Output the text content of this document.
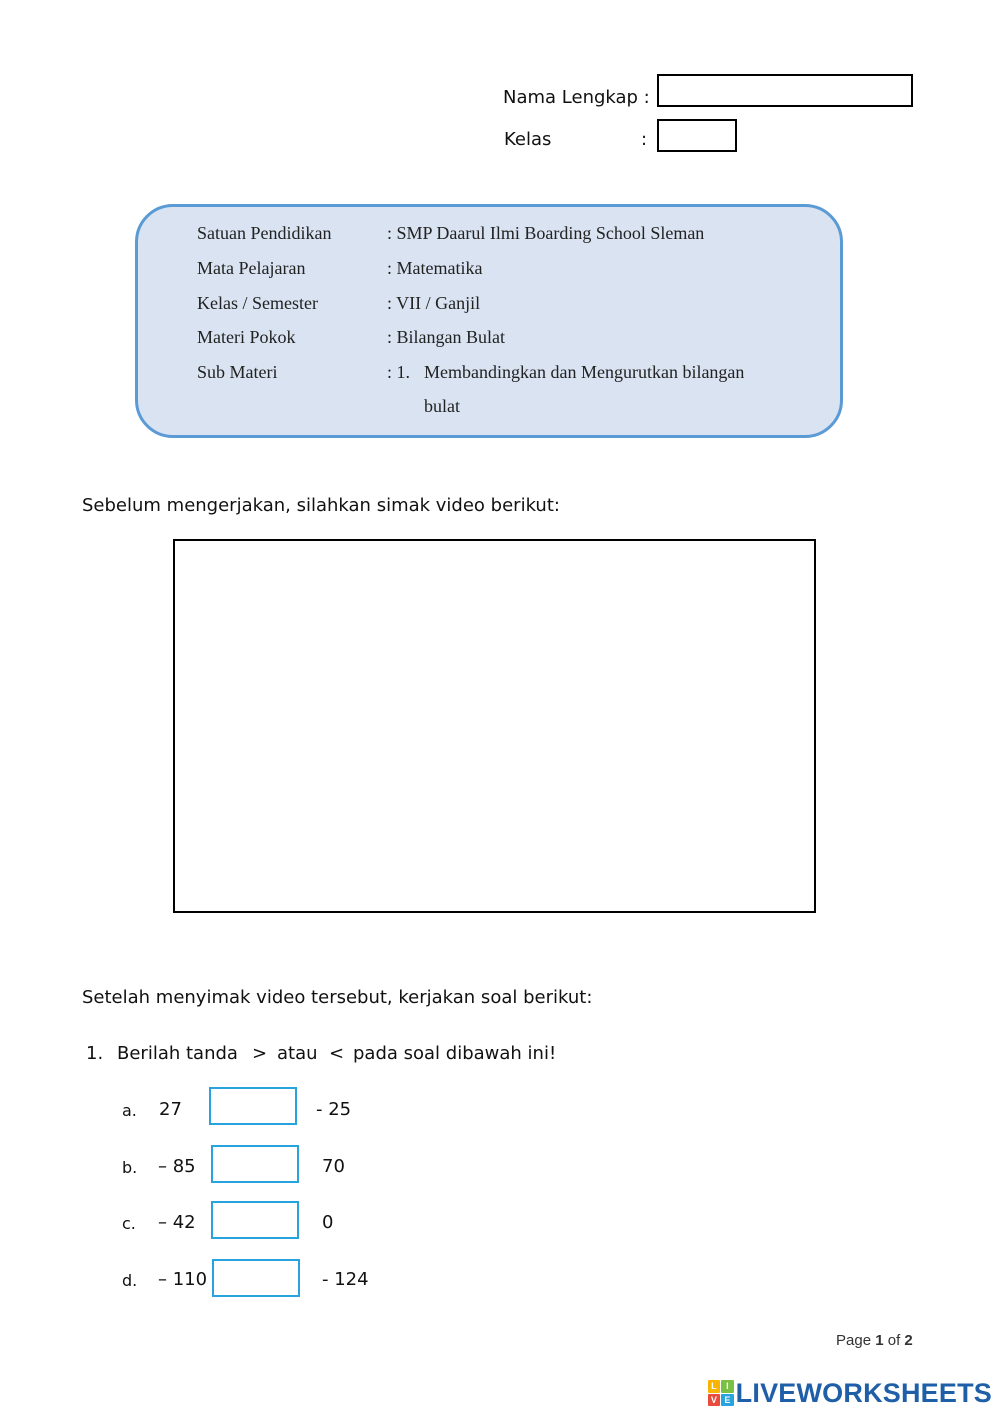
Nama Lengkap :
Kelas	:
Satuan Pendidikan	: SMP Daarul Ilmi Boarding School Sleman
Mata Pelajaran	: Matematika
Kelas / Semester	: VII / Ganjil
Materi Pokok	: Bilangan Bulat
Sub Materi	: 1. Membandingkan dan Mengurutkan bilangan
bulat
Sebelum mengerjakan, silahkan simak video berikut:
Setelah menyimak video tersebut, kerjakan soal berikut:
1. Berilah tanda > atau < pada soal dibawah ini!
a. 27	- 25
b. – 85	70
c. – 42	0
d. – 110	- 124
Page 1 of 2
L	I
V E LIVEWORKSHEETS
